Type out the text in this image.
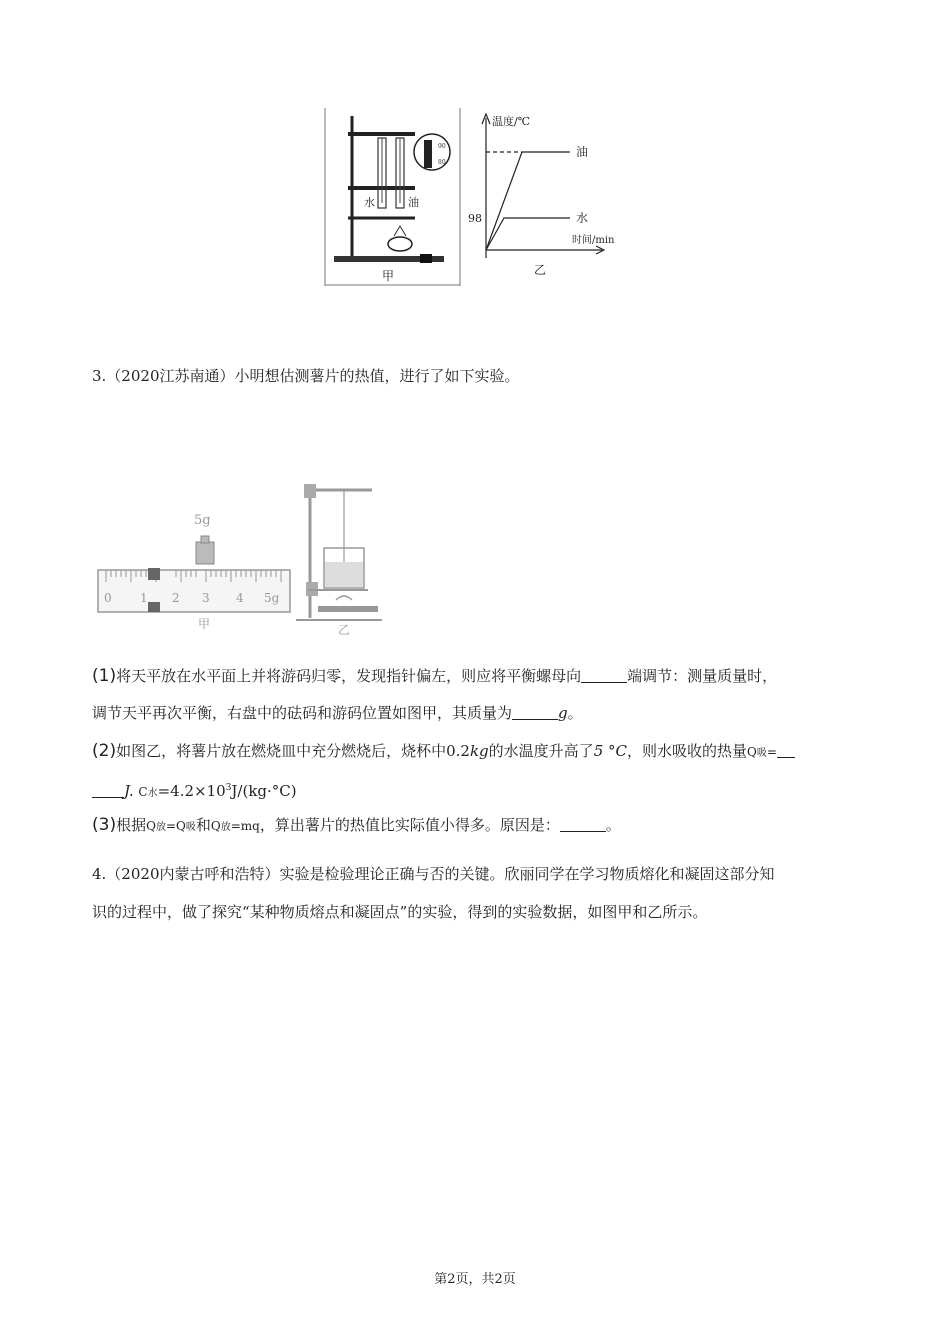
90
80
水	油
甲
温度/℃
时间/min
98
油
水
乙
3.（2020江苏南通）小明想估测薯片的热值，进行了如下实验。
5g
0 1 2 3 4 5g
甲	乙
(1)将天平放在水平面上并将游码归零，发现指针偏左，则应将平衡螺母向	端调节：测量质量时，
调节天平再次平衡，右盘中的砝码和游码位置如图甲，其质量为	g。
(2)如图乙，将薯片放在燃烧皿中充分燃烧后，烧杯中0.2kg的水温度升高了5 °C，则水吸收的热量Q吸=
J. C水$=4.2\times 10^3J/(kg\cdot^\circ C)$
(3)根据Q放=Q吸和Q放=mq，算出薯片的热值比实际值小得多。原因是：	。
4.（2020内蒙古呼和浩特）实验是检验理论正确与否的关键。欣丽同学在学习物质熔化和凝固这部分知
识的过程中，做了探究“某种物质熔点和凝固点”的实验，得到的实验数据，如图甲和乙所示。
第2页，共2页
